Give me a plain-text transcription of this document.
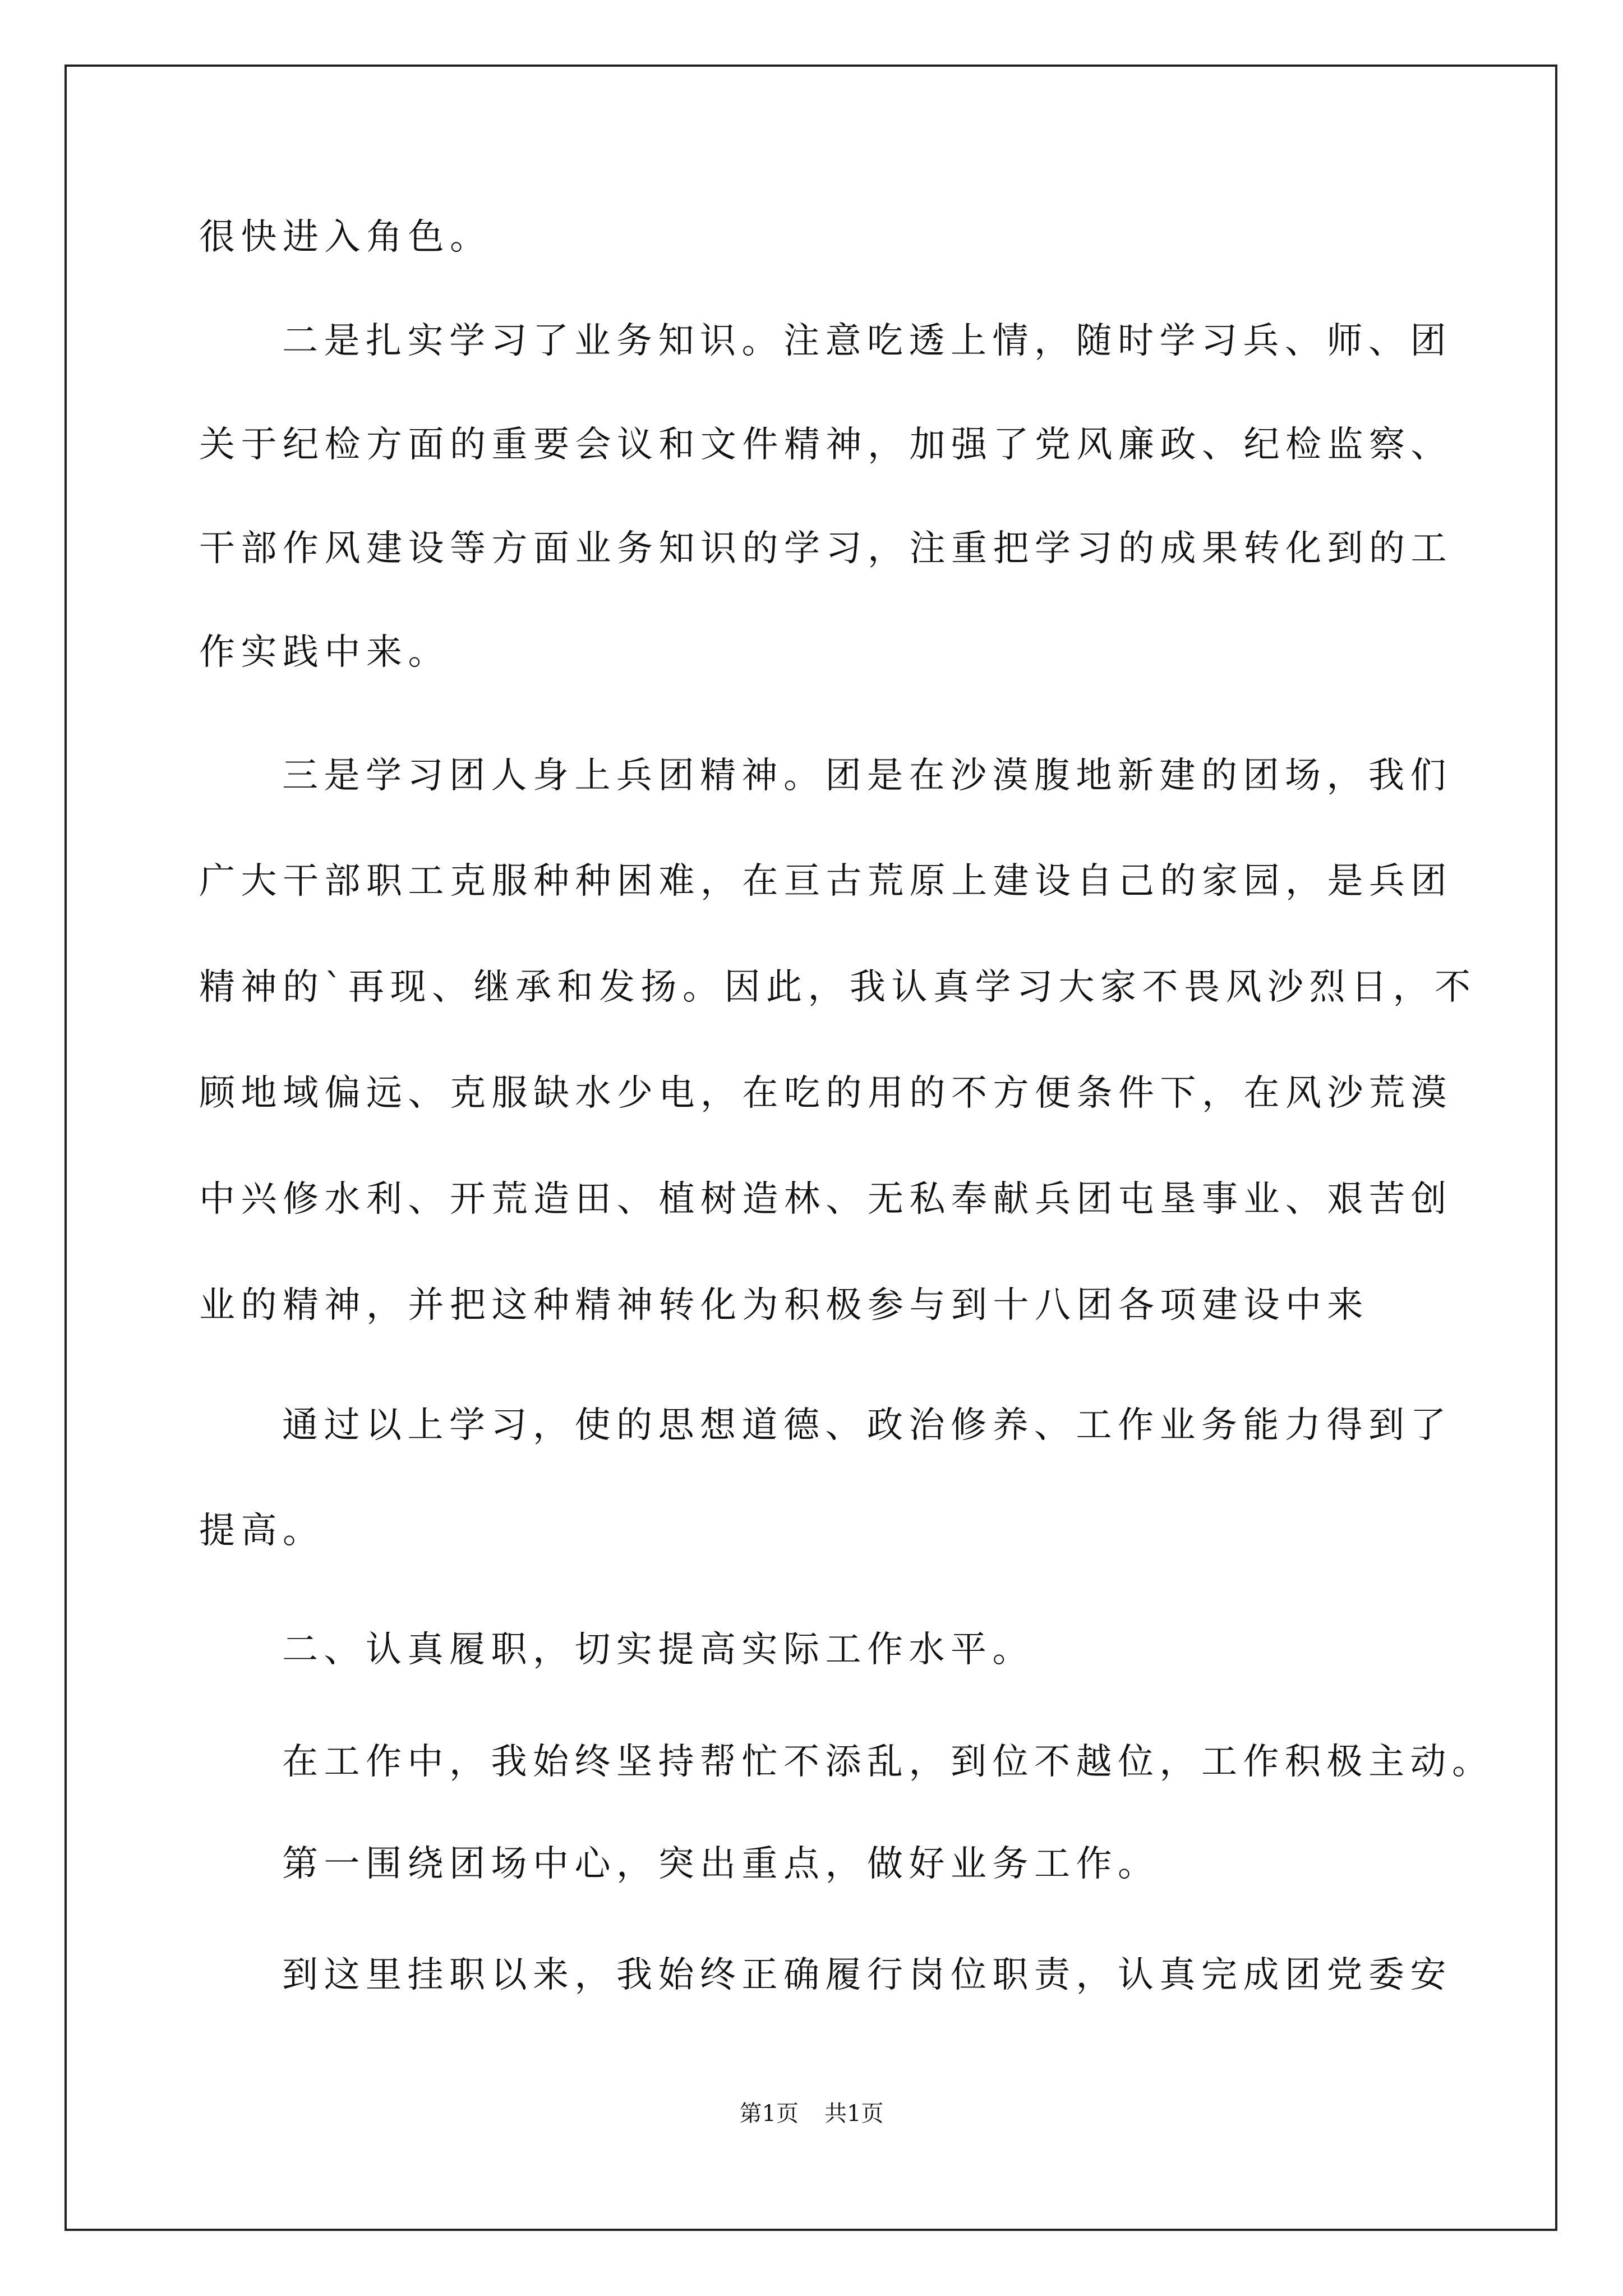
很快进入角色。
二是扎实学习了业务知识。注意吃透上情，随时学习兵、师、团
关于纪检方面的重要会议和文件精神，加强了党风廉政、纪检监察、
干部作风建设等方面业务知识的学习，注重把学习的成果转化到的工
作实践中来。
三是学习团人身上兵团精神。团是在沙漠腹地新建的团场，我们
广大干部职工克服种种困难，在亘古荒原上建设自己的家园，是兵团
精神的`再现、继承和发扬。因此，我认真学习大家不畏风沙烈日，不
顾地域偏远、克服缺水少电，在吃的用的不方便条件下，在风沙荒漠
中兴修水利、开荒造田、植树造林、无私奉献兵团屯垦事业、艰苦创
业的精神，并把这种精神转化为积极参与到十八团各项建设中来
通过以上学习，使的思想道德、政治修养、工作业务能力得到了
提高。
二、认真履职，切实提高实际工作水平。
在工作中，我始终坚持帮忙不添乱，到位不越位，工作积极主动。
第一围绕团场中心，突出重点，做好业务工作。
到这里挂职以来，我始终正确履行岗位职责，认真完成团党委安
第1页 共1页
